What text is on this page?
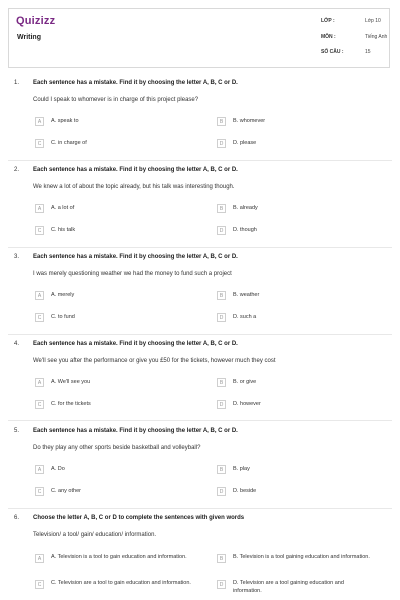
Quizizz
Writing
LỚP :	Lớp 10
MÔN :	Tiếng Anh
SỐ CÂU :	15
1. Each sentence has a mistake. Find it by choosing the letter A, B, C or D.
Could I speak to whomever is in charge of this project please?
A	A. speak to	B	B. whomever
C	C. in charge of	D	D. please
2. Each sentence has a mistake. Find it by choosing the letter A, B, C or D.
We knew a lot of about the topic already, but his talk was interesting though.
A	A. a lot of	B	B. already
C	C. his talk	D	D. though
3. Each sentence has a mistake. Find it by choosing the letter A, B, C or D.
I was merely questioning weather we had the money to fund such a project
A	A. merely	B	B. weather
C	C. to fund	D	D. such a
4. Each sentence has a mistake. Find it by choosing the letter A, B, C or D.
We'll see you after the performance or give you £50 for the tickets, however much they cost
A	A. We'll see you	B	B. or give
C	C. for the tickets	D	D. however
5. Each sentence has a mistake. Find it by choosing the letter A, B, C or D.
Do they play any other sports beside basketball and volleyball?
A	A. Do	B	B. play
C	C. any other	D	D. beside
6. Choose the letter A, B, C or D to complete the sentences with given words
Television/ a tool/ gain/ education/ information.
A	A. Television is a tool to gain education and information.	B	B. Television is a tool gaining education and information.
C	C. Television are a tool to gain education and information.	D	D. Television are a tool gaining education and information.
